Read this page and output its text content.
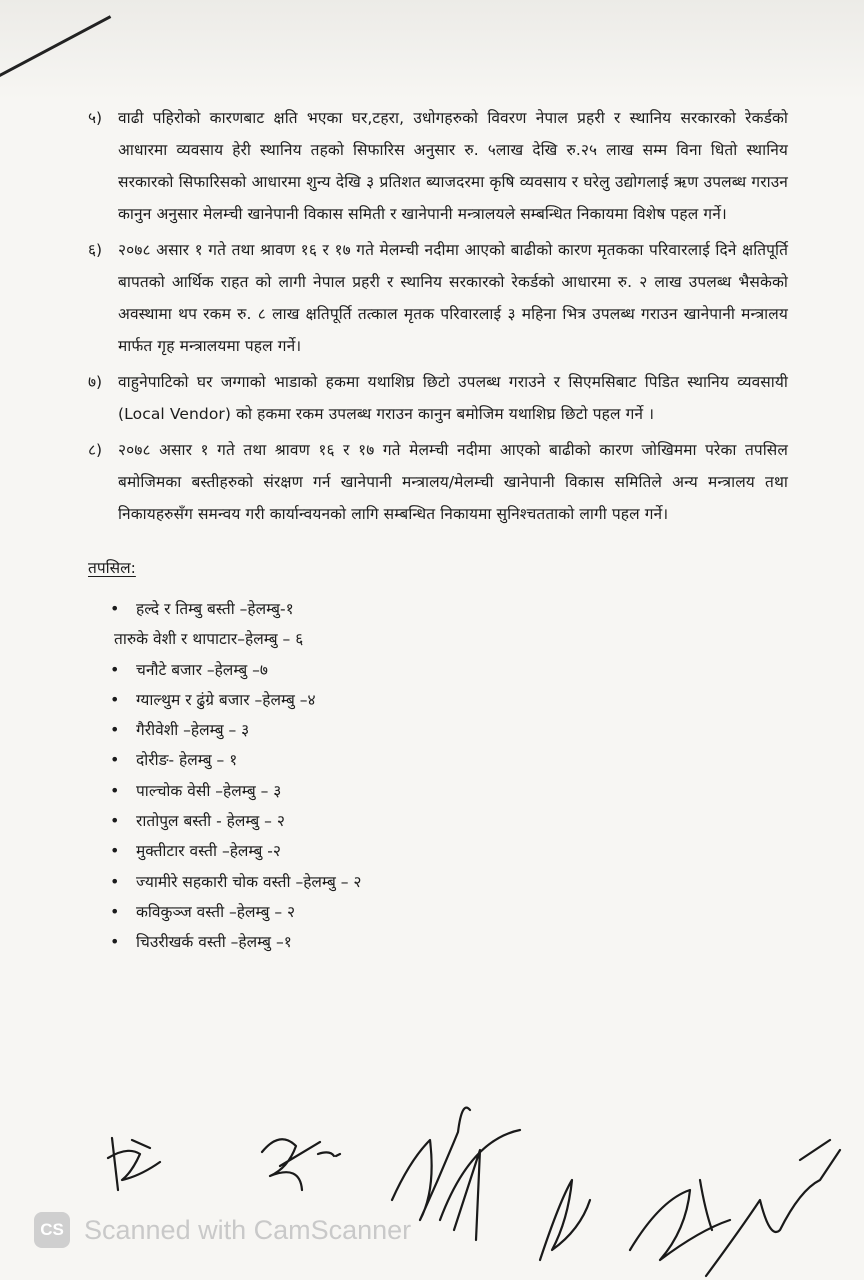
५) वाढी पहिरोको कारणबाट क्षति भएका घर,टहरा, उधोगहरुको विवरण नेपाल प्रहरी र स्थानिय सरकारको रेकर्डको आधारमा व्यवसाय हेरी स्थानिय तहको सिफारिस अनुसार रु. ५लाख देखि रु.२५ लाख सम्म विना धितो स्थानिय सरकारको सिफारिसको आधारमा शुन्य देखि ३ प्रतिशत ब्याजदरमा कृषि व्यवसाय र घरेलु उद्योगलाई ऋण उपलब्ध गराउन कानुन अनुसार मेलम्ची खानेपानी विकास समिती र खानेपानी मन्त्रालयले सम्बन्धित निकायमा विशेष पहल गर्ने।
६) २०७८ असार १ गते तथा श्रावण १६ र १७ गते मेलम्ची नदीमा आएको बाढीको कारण मृतकका परिवारलाई दिने क्षतिपूर्ति बापतको आर्थिक राहत को लागी नेपाल प्रहरी र स्थानिय सरकारको रेकर्डको आधारमा रु. २ लाख उपलब्ध भैसकेको अवस्थामा थप रकम रु. ८ लाख क्षतिपूर्ति तत्काल मृतक परिवारलाई ३ महिना भित्र उपलब्ध गराउन खानेपानी मन्त्रालय मार्फत गृह मन्त्रालयमा पहल गर्ने।
७) वाहुनेपाटिको घर जग्गाको भाडाको हकमा यथाशिघ्र छिटो उपलब्ध गराउने र सिएमसिबाट पिडित स्थानिय व्यवसायी (Local Vendor) को हकमा रकम उपलब्ध गराउन कानुन बमोजिम यथाशिघ्र छिटो पहल गर्ने ।
८) २०७८ असार १ गते तथा श्रावण १६ र १७ गते मेलम्ची नदीमा आएको बाढीको कारण जोखिममा परेका तपसिल बमोजिमका बस्तीहरुको संरक्षण गर्न खानेपानी मन्त्रालय/मेलम्ची खानेपानी विकास समितिले अन्य मन्त्रालय तथा निकायहरुसँग समन्वय गरी कार्यान्वयनको लागि सम्बन्धित निकायमा सुनिश्चतताको लागी पहल गर्ने।
तपसिल:
• हल्दे र तिम्बु बस्ती –हेलम्बु-१
तारुके वेशी र थापाटार–हेलम्बु – ६
• चनौटे बजार –हेलम्बु –७
• ग्याल्थुम र ढुंग्रे बजार –हेलम्बु –४
• गैरीवेशी –हेलम्बु – ३
• दोरीङ- हेलम्बु – १
• पाल्चोक वेसी –हेलम्बु – ३
• रातोपुल बस्ती - हेलम्बु – २
• मुक्तीटार वस्ती –हेलम्बु -२
• ज्यामीरे सहकारी चोक वस्ती –हेलम्बु – २
• कविकुञ्ज वस्ती –हेलम्बु – २
• चिउरीखर्क वस्ती –हेलम्बु –१
CS Scanned with CamScanner
